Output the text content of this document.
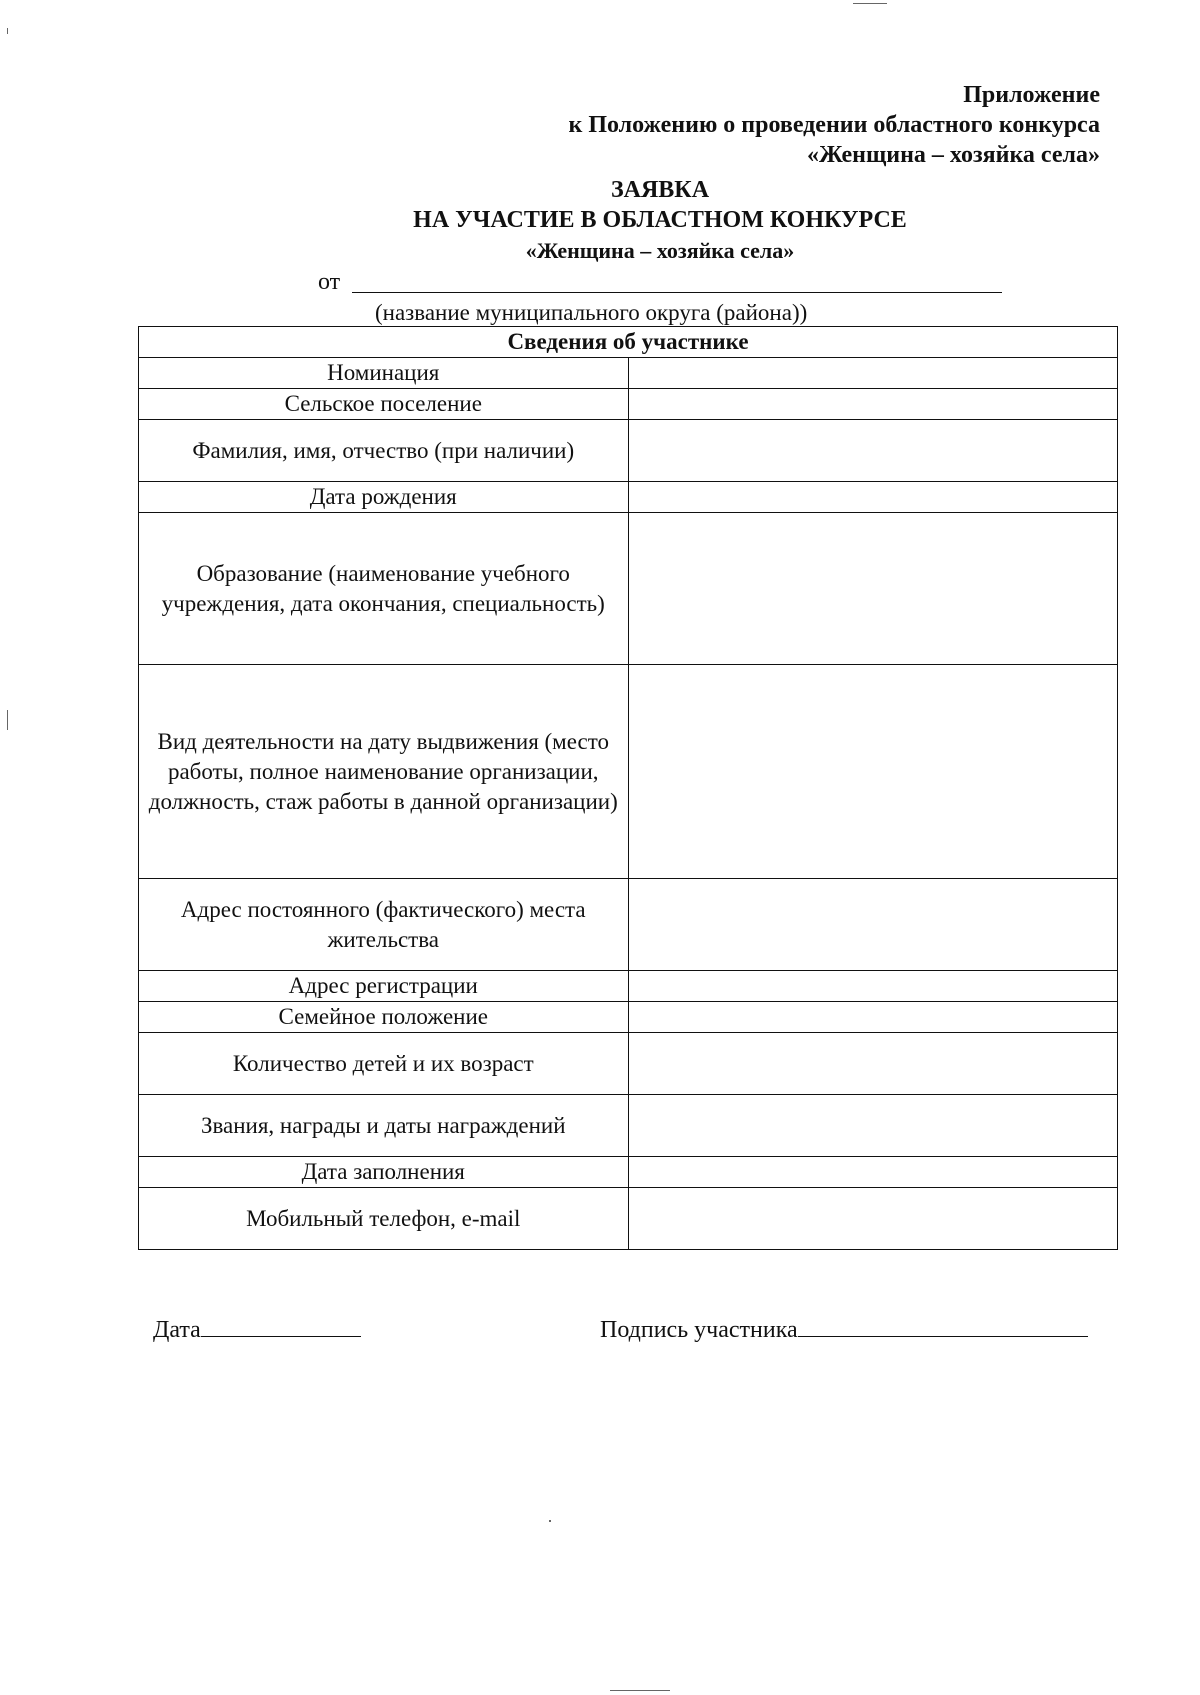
Приложение
к Положению о проведении областного конкурса
«Женщина – хозяйка села»
ЗАЯВКА
НА УЧАСТИЕ В ОБЛАСТНОМ КОНКУРСЕ
«Женщина – хозяйка села»
от
(название муниципального округа (района))
Сведения об участнике	
Номинация	
Сельское поселение	
Фамилия, имя, отчество (при наличии)	
Дата рождения	
Образование (наименование учебного учреждения, дата окончания, специальность)	
Вид деятельности на дату выдвижения (место работы, полное наименование организации, должность, стаж работы в данной организации)	
Адрес постоянного (фактического) места жительства	
Адрес регистрации	
Семейное положение	
Количество детей и их возраст	
Звания, награды и даты награждений	
Дата заполнения	
Мобильный телефон, e-mail	
Дата	Подпись участника
